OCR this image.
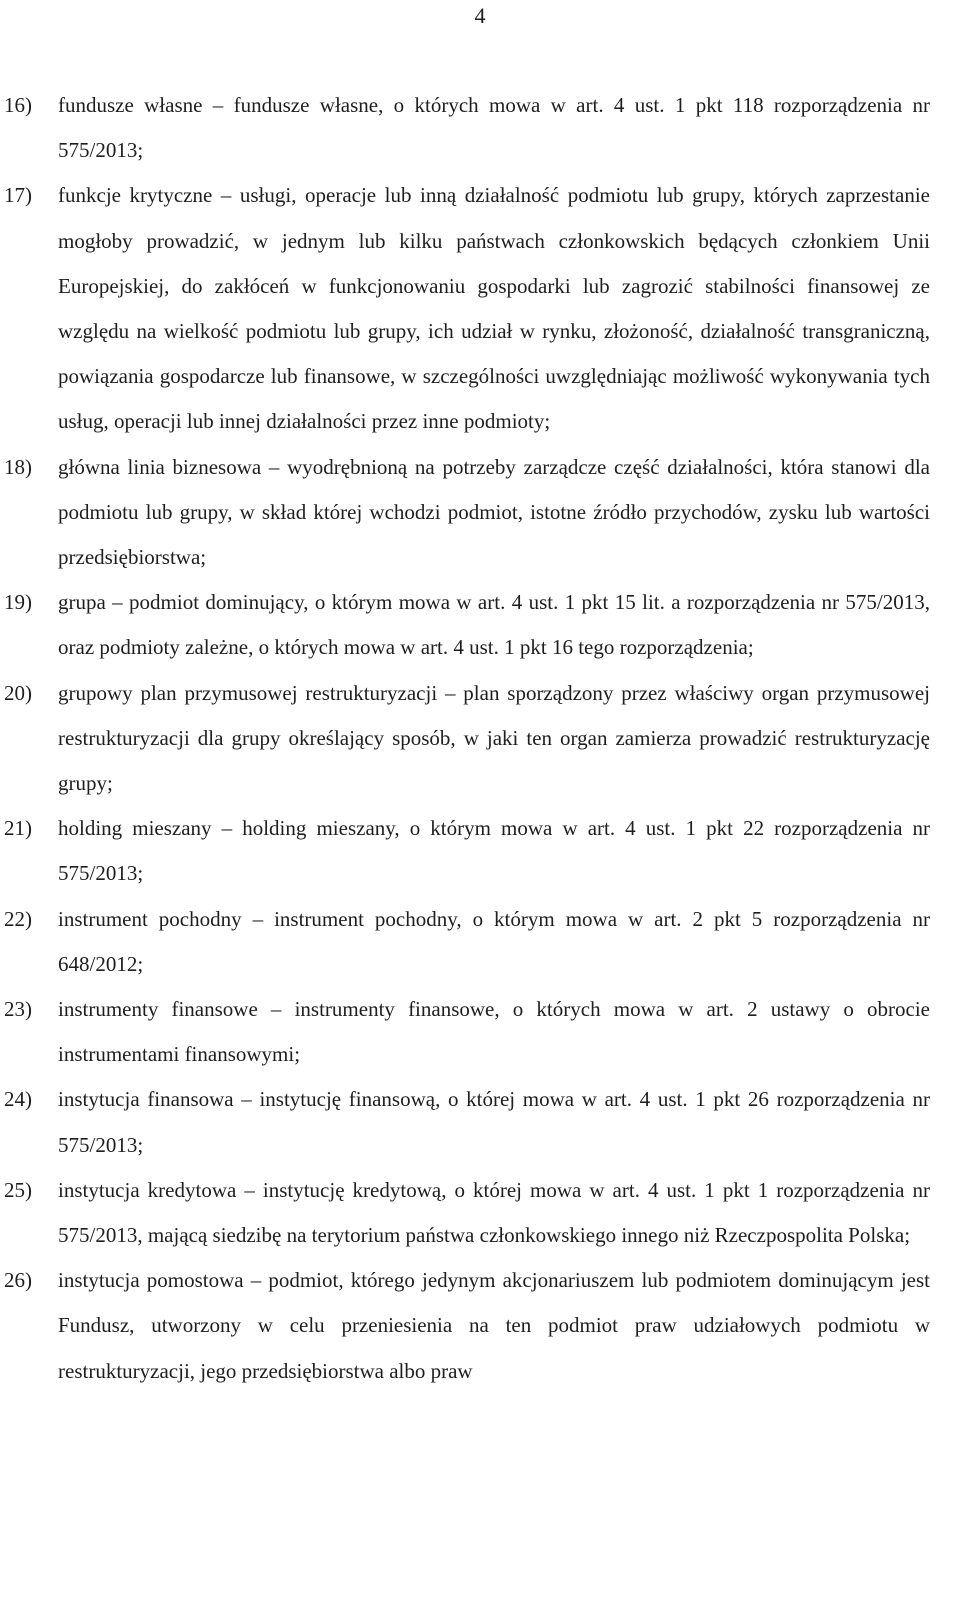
4
16) fundusze własne – fundusze własne, o których mowa w art. 4 ust. 1 pkt 118 rozporządzenia nr 575/2013;
17) funkcje krytyczne – usługi, operacje lub inną działalność podmiotu lub grupy, których zaprzestanie mogłoby prowadzić, w jednym lub kilku państwach członkowskich będących członkiem Unii Europejskiej, do zakłóceń w funkcjonowaniu gospodarki lub zagrozić stabilności finansowej ze względu na wielkość podmiotu lub grupy, ich udział w rynku, złożoność, działalność transgraniczną, powiązania gospodarcze lub finansowe, w szczególności uwzględniając możliwość wykonywania tych usług, operacji lub innej działalności przez inne podmioty;
18) główna linia biznesowa – wyodrębnioną na potrzeby zarządcze część działalności, która stanowi dla podmiotu lub grupy, w skład której wchodzi podmiot, istotne źródło przychodów, zysku lub wartości przedsiębiorstwa;
19) grupa – podmiot dominujący, o którym mowa w art. 4 ust. 1 pkt 15 lit. a rozporządzenia nr 575/2013, oraz podmioty zależne, o których mowa w art. 4 ust. 1 pkt 16 tego rozporządzenia;
20) grupowy plan przymusowej restrukturyzacji – plan sporządzony przez właściwy organ przymusowej restrukturyzacji dla grupy określający sposób, w jaki ten organ zamierza prowadzić restrukturyzację grupy;
21) holding mieszany – holding mieszany, o którym mowa w art. 4 ust. 1 pkt 22 rozporządzenia nr 575/2013;
22) instrument pochodny – instrument pochodny, o którym mowa w art. 2 pkt 5 rozporządzenia nr 648/2012;
23) instrumenty finansowe – instrumenty finansowe, o których mowa w art. 2 ustawy o obrocie instrumentami finansowymi;
24) instytucja finansowa – instytucję finansową, o której mowa w art. 4 ust. 1 pkt 26 rozporządzenia nr 575/2013;
25) instytucja kredytowa – instytucję kredytową, o której mowa w art. 4 ust. 1 pkt 1 rozporządzenia nr 575/2013, mającą siedzibę na terytorium państwa członkowskiego innego niż Rzeczpospolita Polska;
26) instytucja pomostowa – podmiot, którego jedynym akcjonariuszem lub podmiotem dominującym jest Fundusz, utworzony w celu przeniesienia na ten podmiot praw udziałowych podmiotu w restrukturyzacji, jego przedsiębiorstwa albo praw
